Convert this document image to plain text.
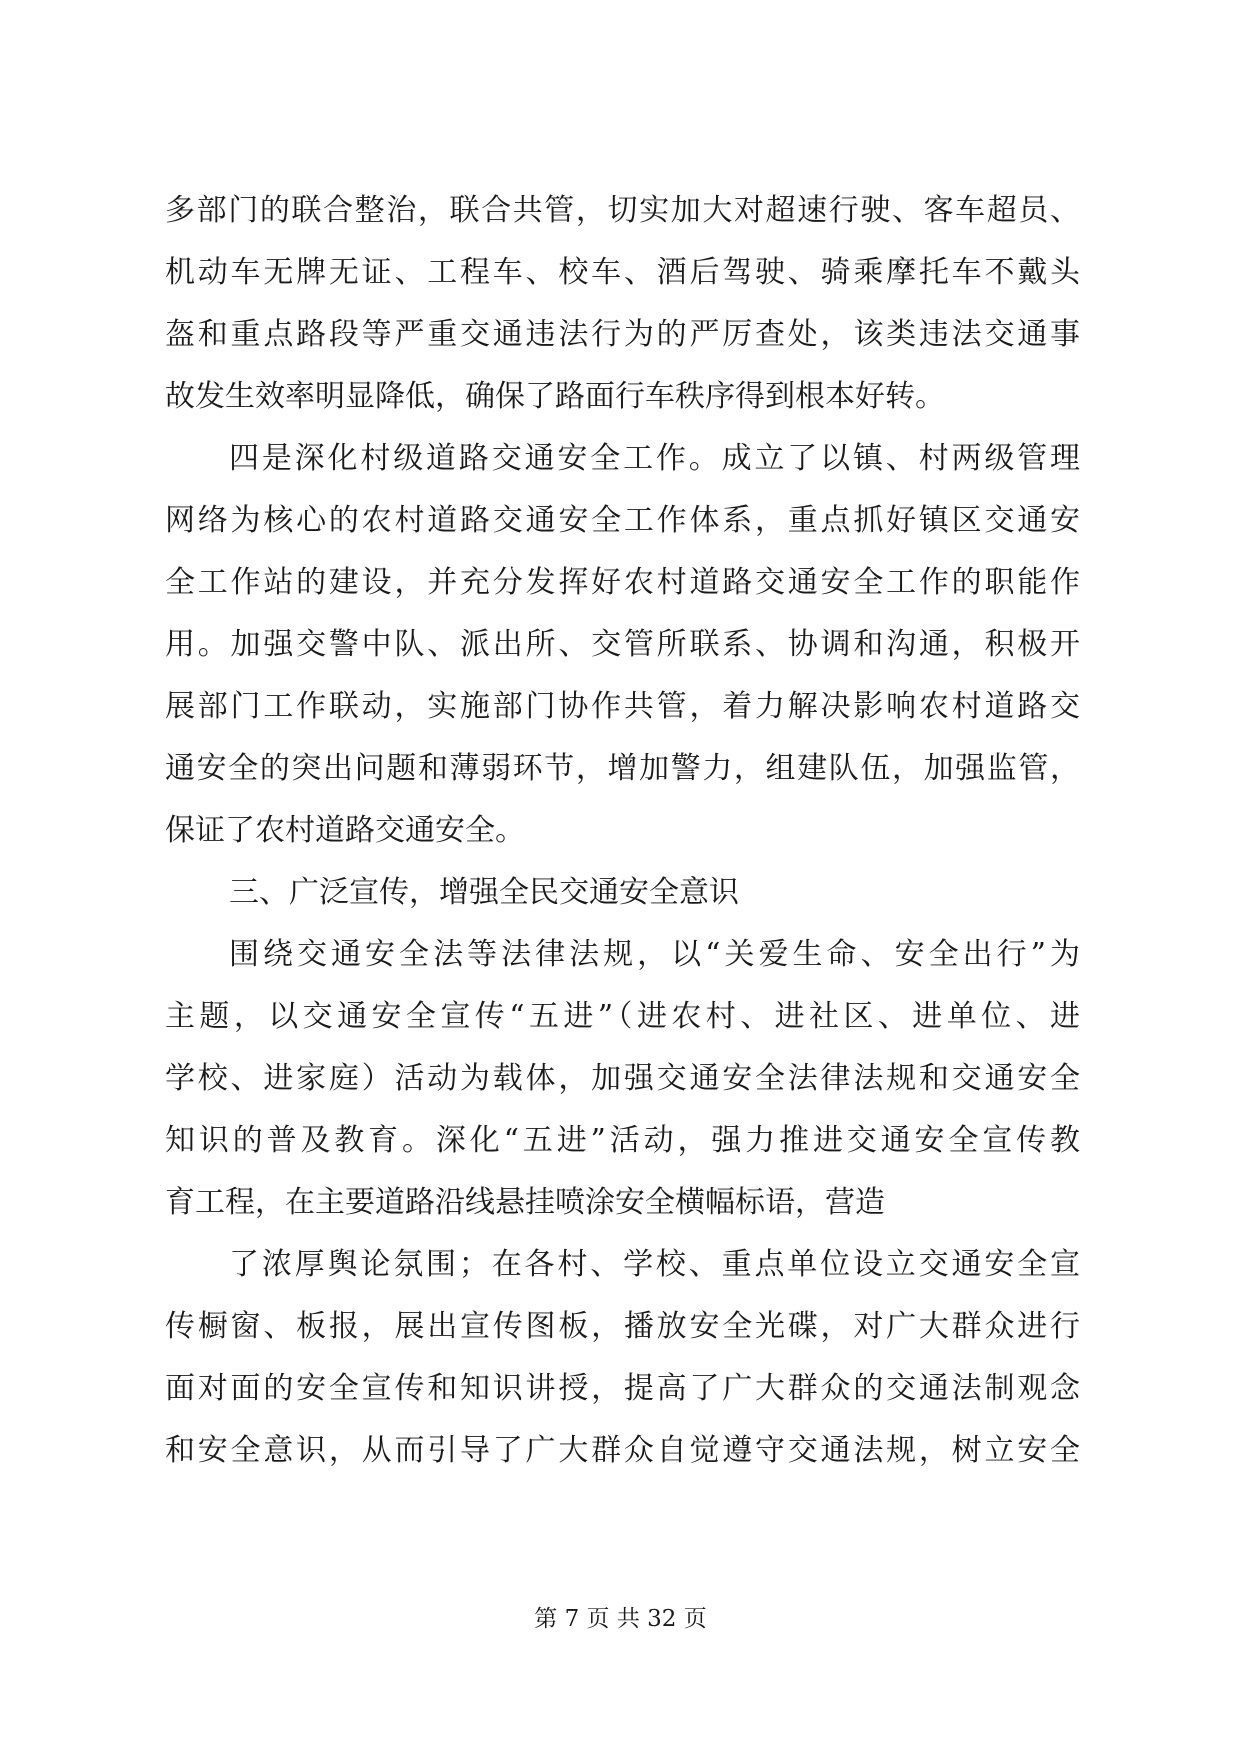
多部门的联合整治，联合共管，切实加大对超速行驶、客车超员、
机动车无牌无证、工程车、校车、酒后驾驶、骑乘摩托车不戴头
盔和重点路段等严重交通违法行为的严厉查处，该类违法交通事
故发生效率明显降低，确保了路面行车秩序得到根本好转。
四是深化村级道路交通安全工作。成立了以镇、村两级管理
网络为核心的农村道路交通安全工作体系，重点抓好镇区交通安
全工作站的建设，并充分发挥好农村道路交通安全工作的职能作
用。加强交警中队、派出所、交管所联系、协调和沟通，积极开
展部门工作联动，实施部门协作共管，着力解决影响农村道路交
通安全的突出问题和薄弱环节，增加警力，组建队伍，加强监管，
保证了农村道路交通安全。
三、广泛宣传，增强全民交通安全意识
围绕交通安全法等法律法规，以“关爱生命、安全出行”为
主题，以交通安全宣传“五进”（进农村、进社区、进单位、进
学校、进家庭）活动为载体，加强交通安全法律法规和交通安全
知识的普及教育。深化“五进”活动，强力推进交通安全宣传教
育工程，在主要道路沿线悬挂喷涂安全横幅标语，营造
了浓厚舆论氛围；在各村、学校、重点单位设立交通安全宣
传橱窗、板报，展出宣传图板，播放安全光碟，对广大群众进行
面对面的安全宣传和知识讲授，提高了广大群众的交通法制观念
和安全意识，从而引导了广大群众自觉遵守交通法规，树立安全
第 7 页 共 32 页
